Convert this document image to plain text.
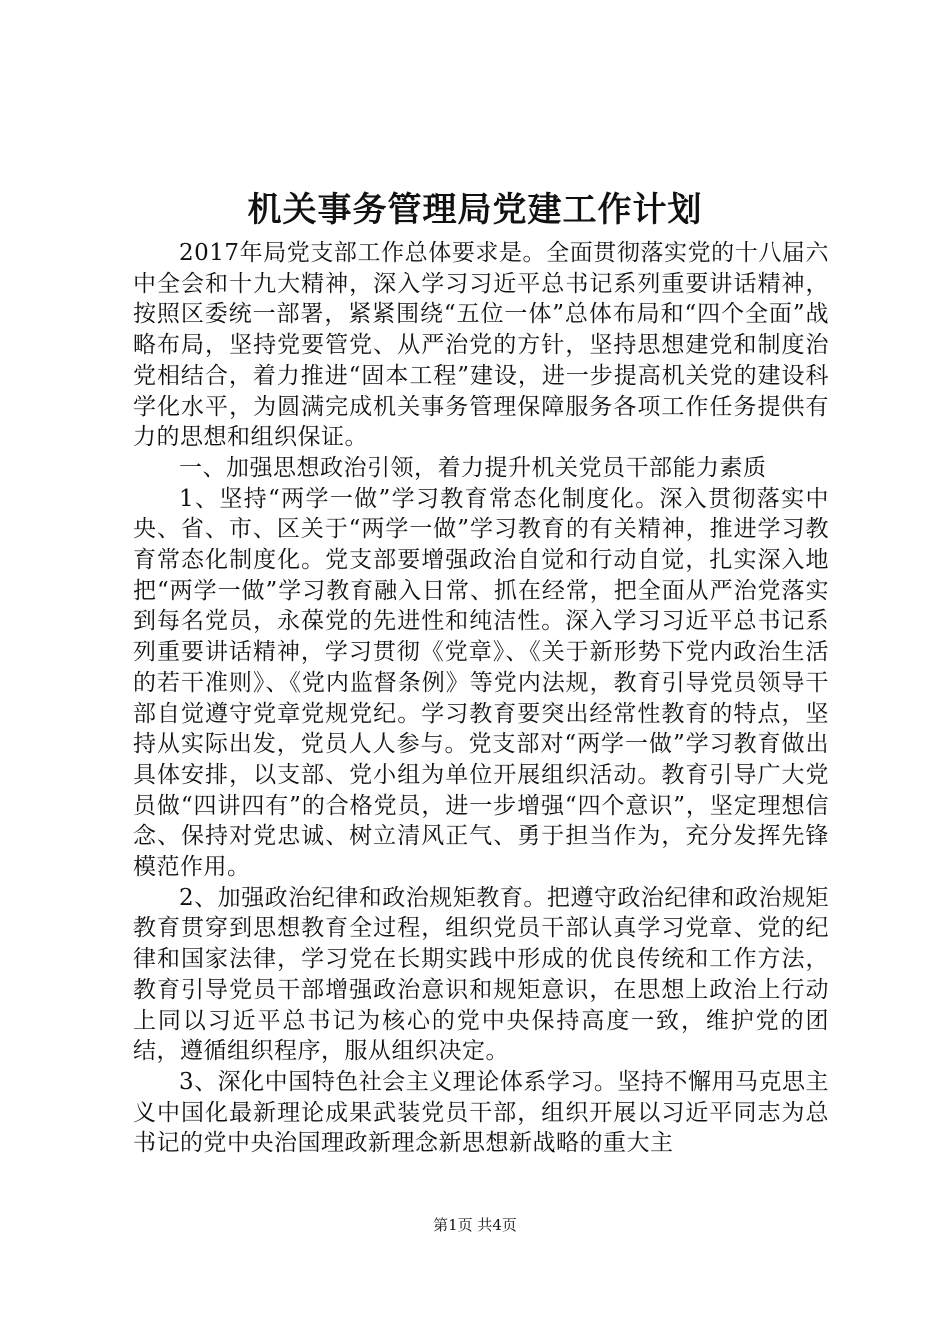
机关事务管理局党建工作计划

2017年局党支部工作总体要求是。全面贯彻落实党的十八届六中全会和十九大精神，深入学习习近平总书记系列重要讲话精神，按照区委统一部署，紧紧围绕“五位一体”总体布局和“四个全面”战略布局，坚持党要管党、从严治党的方针，坚持思想建党和制度治党相结合，着力推进“固本工程”建设，进一步提高机关党的建设科学化水平，为圆满完成机关事务管理保障服务各项工作任务提供有力的思想和组织保证。

一、加强思想政治引领，着力提升机关党员干部能力素质

1、坚持“两学一做”学习教育常态化制度化。深入贯彻落实中央、省、市、区关于“两学一做”学习教育的有关精神，推进学习教育常态化制度化。党支部要增强政治自觉和行动自觉，扎实深入地把“两学一做”学习教育融入日常、抓在经常，把全面从严治党落实到每名党员，永葆党的先进性和纯洁性。深入学习习近平总书记系列重要讲话精神，学习贯彻《党章》、《关于新形势下党内政治生活的若干准则》、《党内监督条例》等党内法规，教育引导党员领导干部自觉遵守党章党规党纪。学习教育要突出经常性教育的特点，坚持从实际出发，党员人人参与。党支部对“两学一做”学习教育做出具体安排，以支部、党小组为单位开展组织活动。教育引导广大党员做“四讲四有”的合格党员，进一步增强“四个意识”，坚定理想信念、保持对党忠诚、树立清风正气、勇于担当作为，充分发挥先锋模范作用。

2、加强政治纪律和政治规矩教育。把遵守政治纪律和政治规矩教育贯穿到思想教育全过程，组织党员干部认真学习党章、党的纪律和国家法律，学习党在长期实践中形成的优良传统和工作方法，教育引导党员干部增强政治意识和规矩意识，在思想上政治上行动上同以习近平总书记为核心的党中央保持高度一致，维护党的团结，遵循组织程序，服从组织决定。

3、深化中国特色社会主义理论体系学习。坚持不懈用马克思主义中国化最新理论成果武装党员干部，组织开展以习近平同志为总书记的党中央治国理政新理念新思想新战略的重大主

第1页 共4页
